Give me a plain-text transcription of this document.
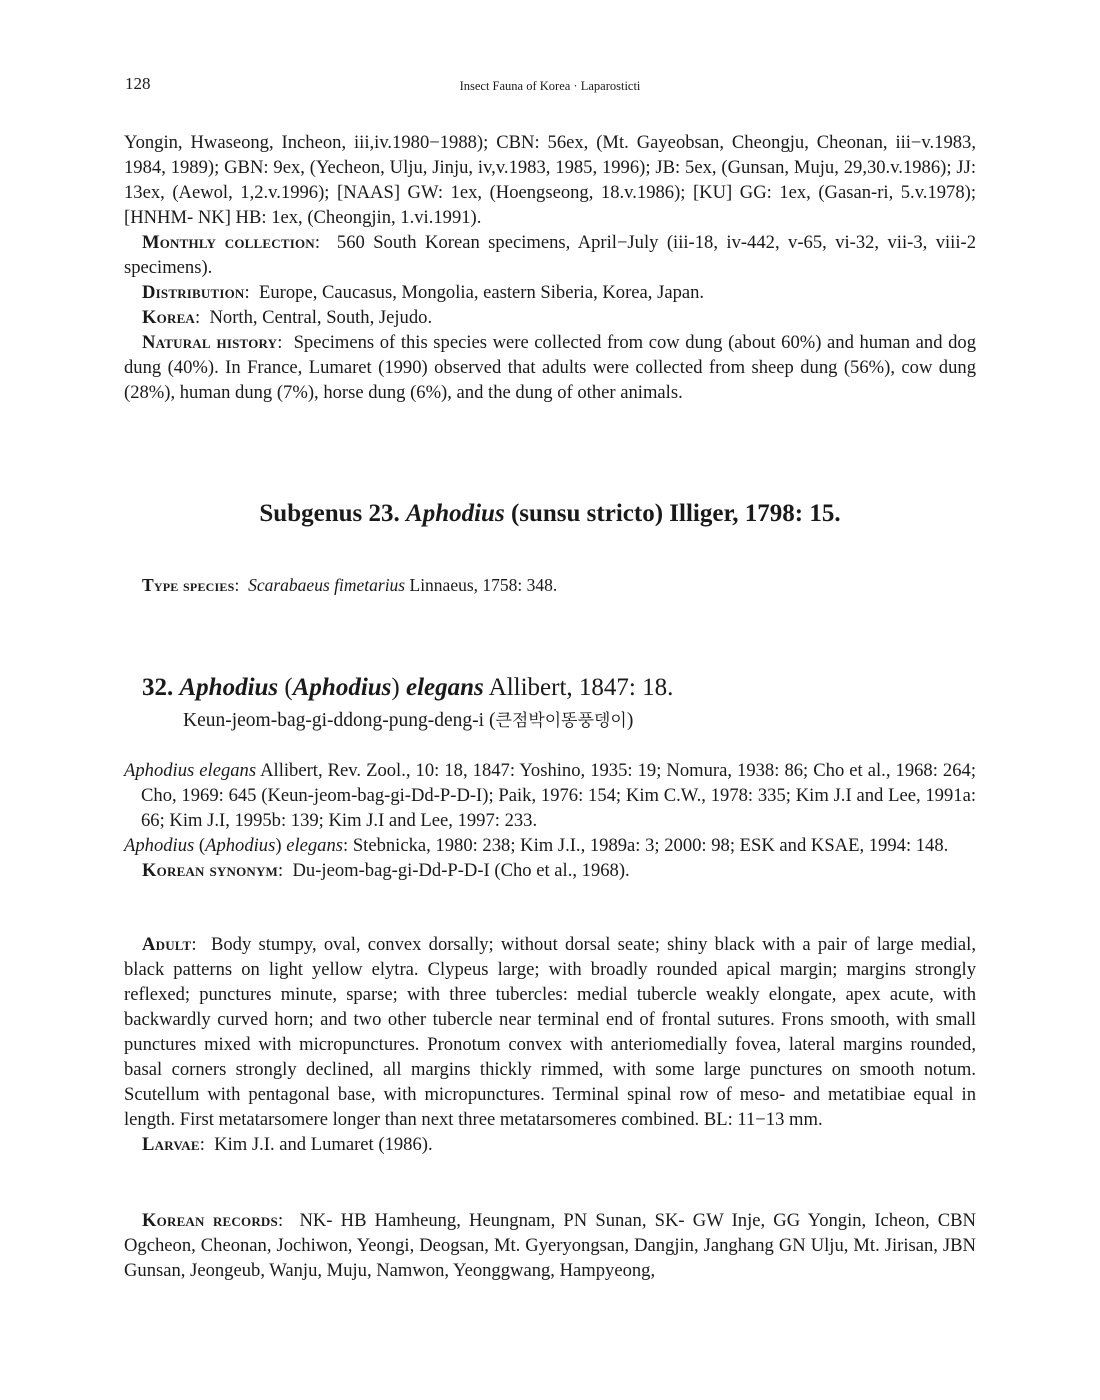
128	Insect Fauna of Korea · Laparosticti
Yongin, Hwaseong, Incheon, iii,iv.1980−1988); CBN: 56ex, (Mt. Gayeobsan, Cheongju, Cheonan, iii−v.1983, 1984, 1989); GBN: 9ex, (Yecheon, Ulju, Jinju, iv,v.1983, 1985, 1996); JB: 5ex, (Gunsan, Muju, 29,30.v.1986); JJ: 13ex, (Aewol, 1,2.v.1996); [NAAS] GW: 1ex, (Hoengseong, 18.v.1986); [KU] GG: 1ex, (Gasan-ri, 5.v.1978); [HNHM- NK] HB: 1ex, (Cheongjin, 1.vi.1991).
Monthly collection:  560 South Korean specimens, April−July (iii-18, iv-442, v-65, vi-32, vii-3, viii-2 specimens).
Distribution:  Europe, Caucasus, Mongolia, eastern Siberia, Korea, Japan.
Korea:  North, Central, South, Jejudo.
Natural history:  Specimens of this species were collected from cow dung (about 60%) and human and dog dung (40%). In France, Lumaret (1990) observed that adults were collected from sheep dung (56%), cow dung (28%), human dung (7%), horse dung (6%), and the dung of other animals.
Subgenus 23. Aphodius (sunsu stricto) Illiger, 1798: 15.
Type species:  Scarabaeus fimetarius Linnaeus, 1758: 348.
32. Aphodius (Aphodius) elegans Allibert, 1847: 18.
Keun-jeom-bag-gi-ddong-pung-deng-i (큰점박이똥풍뎅이)
Aphodius elegans Allibert, Rev. Zool., 10: 18, 1847: Yoshino, 1935: 19; Nomura, 1938: 86; Cho et al., 1968: 264; Cho, 1969: 645 (Keun-jeom-bag-gi-Dd-P-D-I); Paik, 1976: 154; Kim C.W., 1978: 335; Kim J.I and Lee, 1991a: 66; Kim J.I, 1995b: 139; Kim J.I and Lee, 1997: 233.
Aphodius (Aphodius) elegans: Stebnicka, 1980: 238; Kim J.I., 1989a: 3; 2000: 98; ESK and KSAE, 1994: 148.
Korean synonym:  Du-jeom-bag-gi-Dd-P-D-I (Cho et al., 1968).
Adult:  Body stumpy, oval, convex dorsally; without dorsal seate; shiny black with a pair of large medial, black patterns on light yellow elytra. Clypeus large; with broadly rounded apical margin; margins strongly reflexed; punctures minute, sparse; with three tubercles: medial tubercle weakly elongate, apex acute, with backwardly curved horn; and two other tubercle near terminal end of frontal sutures. Frons smooth, with small punctures mixed with micropunctures. Pronotum convex with anteriomedially fovea, lateral margins rounded, basal corners strongly declined, all margins thickly rimmed, with some large punctures on smooth notum. Scutellum with pentagonal base, with micropunctures. Terminal spinal row of meso- and metatibiae equal in length. First metatarsomere longer than next three metatarsomeres combined. BL: 11−13 mm.
Larvae:  Kim J.I. and Lumaret (1986).
Korean records:  NK- HB Hamheung, Heungnam, PN Sunan, SK- GW Inje, GG Yongin, Icheon, CBN Ogcheon, Cheonan, Jochiwon, Yeongi, Deogsan, Mt. Gyeryongsan, Dangjin, Janghang GN Ulju, Mt. Jirisan, JBN Gunsan, Jeongeub, Wanju, Muju, Namwon, Yeonggwang, Hampyeong,
